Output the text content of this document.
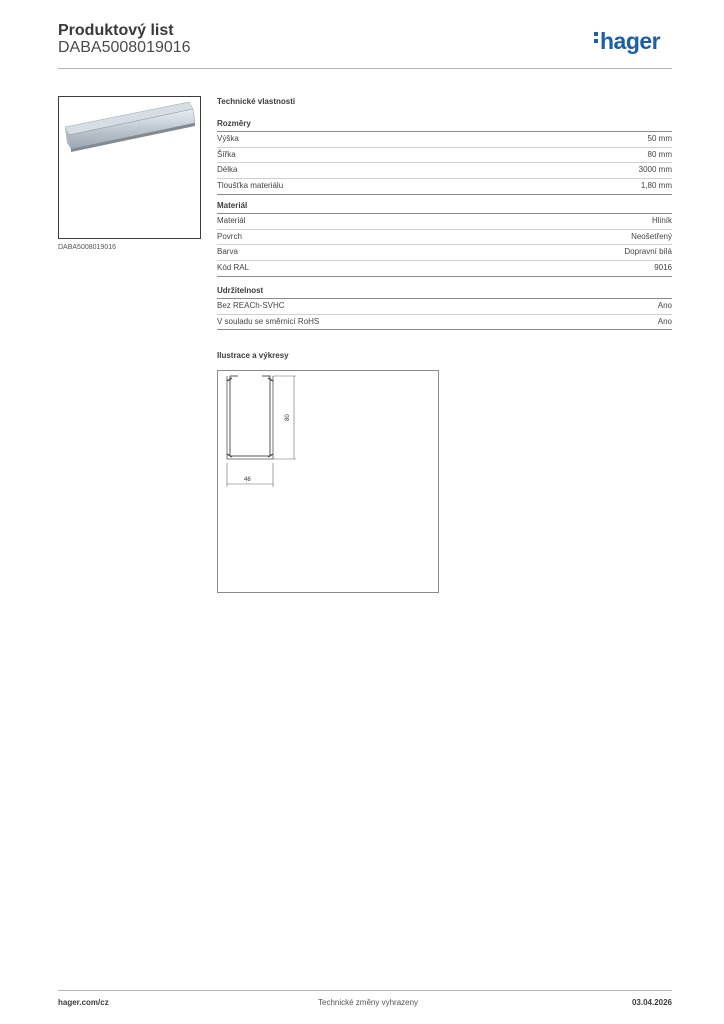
Produktový list
DABA5008019016	hager
DABA5008019016
Technické vlastnosti
Rozměry
Výška	50 mm
Šířka	80 mm
Délka	3000 mm
Tloušťka materiálu	1,80 mm
Materiál
Materiál	Hliník
Povrch	Neošetřený
Barva	Dopravní bílá
Kód RAL	9016
Udržitelnost
Bez REACh-SVHC	Ano
V souladu se směrnicí RoHS	Ano
Ilustrace a výkresy
80
46
hager.com/cz	Technické změny vyhrazeny	03.04.2026
